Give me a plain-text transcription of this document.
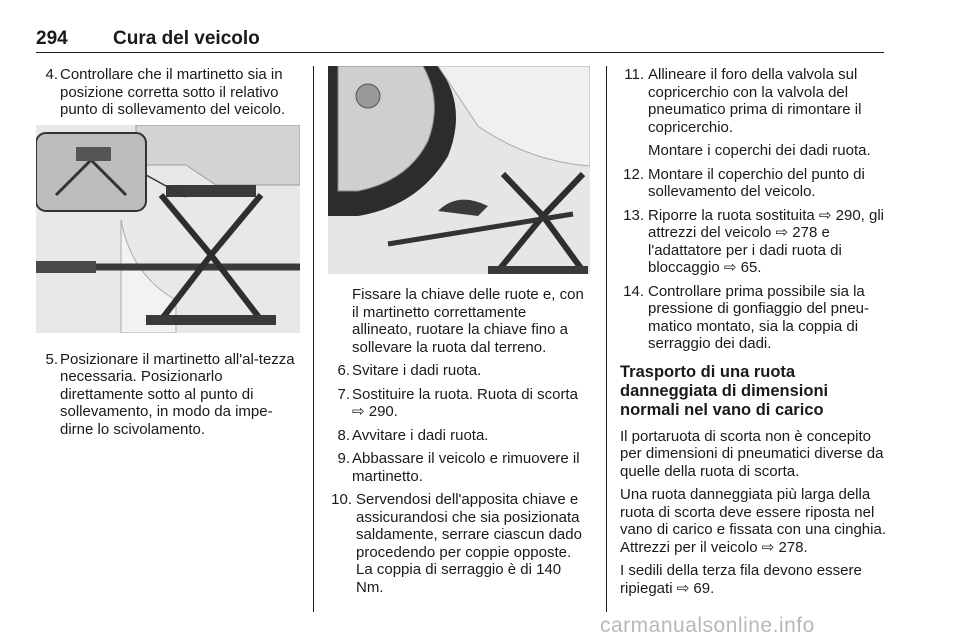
294 Cura del veicolo
4. Controllare che il martinetto sia in posizione corretta sotto il relativo punto di sollevamento del veicolo.
5. Posizionare il martinetto all'al-tezza necessaria. Posizionarlo direttamente sotto al punto di sollevamento, in modo da impe-dirne lo scivolamento.
Fissare la chiave delle ruote e, con il martinetto correttamente allineato, ruotare la chiave fino a sollevare la ruota dal terreno.
6. Svitare i dadi ruota.
7. Sostituire la ruota. Ruota di scorta ⇨ 290.
8. Avvitare i dadi ruota.
9. Abbassare il veicolo e rimuovere il martinetto.
10. Servendosi dell'apposita chiave e assicurandosi che sia posizionata saldamente, serrare ciascun dado procedendo per coppie opposte. La coppia di serraggio è di 140 Nm.
11. Allineare il foro della valvola sul copricerchio con la valvola del pneumatico prima di rimontare il copricerchio.
Montare i coperchi dei dadi ruota.
12. Montare il coperchio del punto di sollevamento del veicolo.
13. Riporre la ruota sostituita ⇨ 290, gli attrezzi del veicolo ⇨ 278 e l'adattatore per i dadi ruota di bloccaggio ⇨ 65.
14. Controllare prima possibile sia la pressione di gonfiaggio del pneu-matico montato, sia la coppia di serraggio dei dadi.
Trasporto di una ruota danneggiata di dimensioni normali nel vano di carico
Il portaruota di scorta non è concepito per dimensioni di pneumatici diverse da quelle della ruota di scorta.
Una ruota danneggiata più larga della ruota di scorta deve essere riposta nel vano di carico e fissata con una cinghia. Attrezzi per il veicolo ⇨ 278.
I sedili della terza fila devono essere ripiegati ⇨ 69.
carmanualsonline.info
